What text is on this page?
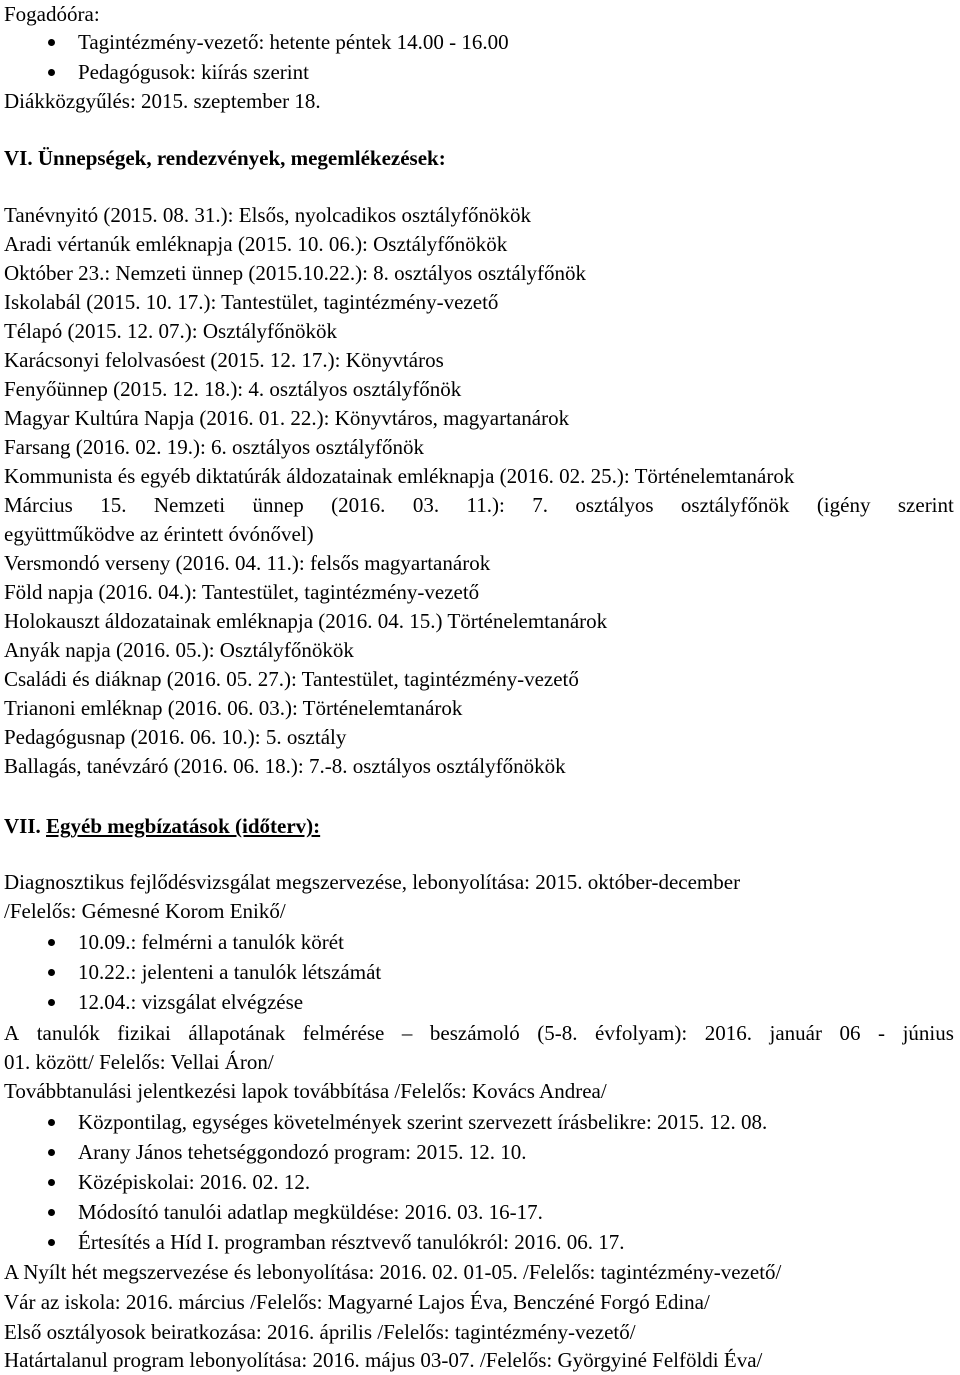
Fogadóóra:
Tagintézmény-vezető: hetente péntek 14.00 - 16.00
Pedagógusok: kiírás szerint
Diákközgyűlés: 2015. szeptember 18.
VI. Ünnepségek, rendezvények, megemlékezések:
Tanévnyitó (2015. 08. 31.): Elsős, nyolcadikos osztályfőnökök
Aradi vértanúk emléknapja (2015. 10. 06.): Osztályfőnökök
Október 23.: Nemzeti ünnep (2015.10.22.): 8. osztályos osztályfőnök
Iskolabál (2015. 10. 17.): Tantestület, tagintézmény-vezető
Télapó (2015. 12. 07.): Osztályfőnökök
Karácsonyi felolvasóest (2015. 12. 17.): Könyvtáros
Fenyőünnep (2015. 12. 18.): 4. osztályos osztályfőnök
Magyar Kultúra Napja (2016. 01. 22.): Könyvtáros, magyartanárok
Farsang (2016. 02. 19.): 6. osztályos osztályfőnök
Kommunista és egyéb diktatúrák áldozatainak emléknapja (2016. 02. 25.): Történelemtanárok
Március 15. Nemzeti ünnep (2016. 03. 11.): 7. osztályos osztályfőnök (igény szerint
együttműködve az érintett óvónővel)
Versmondó verseny (2016. 04. 11.): felsős magyartanárok
Föld napja (2016. 04.): Tantestület, tagintézmény-vezető
Holokauszt áldozatainak emléknapja (2016. 04. 15.) Történelemtanárok
Anyák napja (2016. 05.): Osztályfőnökök
Családi és diáknap (2016. 05. 27.): Tantestület, tagintézmény-vezető
Trianoni emléknap (2016. 06. 03.): Történelemtanárok
Pedagógusnap (2016. 06. 10.): 5. osztály
Ballagás, tanévzáró (2016. 06. 18.): 7.-8. osztályos osztályfőnökök
VII. Egyéb megbízatások (időterv):
Diagnosztikus fejlődésvizsgálat megszervezése, lebonyolítása: 2015. október-december
/Felelős: Gémesné Korom Enikő/
10.09.: felmérni a tanulók körét
10.22.: jelenteni a tanulók létszámát
12.04.: vizsgálat elvégzése
A tanulók fizikai állapotának felmérése – beszámoló (5-8. évfolyam): 2016. január 06 - június
01. között/ Felelős: Vellai Áron/
Továbbtanulási jelentkezési lapok továbbítása /Felelős: Kovács Andrea/
Központilag, egységes követelmények szerint szervezett írásbelikre: 2015. 12. 08.
Arany János tehetséggondozó program: 2015. 12. 10.
Középiskolai: 2016. 02. 12.
Módosító tanulói adatlap megküldése: 2016. 03. 16-17.
Értesítés a Híd I. programban résztvevő tanulókról: 2016. 06. 17.
A Nyílt hét megszervezése és lebonyolítása: 2016. 02. 01-05. /Felelős: tagintézmény-vezető/
Vár az iskola: 2016. március /Felelős: Magyarné Lajos Éva, Benczéné Forgó Edina/
Első osztályosok beiratkozása: 2016. április /Felelős: tagintézmény-vezető/
Határtalanul program lebonyolítása: 2016. május 03-07. /Felelős: Györgyiné Felföldi Éva/
